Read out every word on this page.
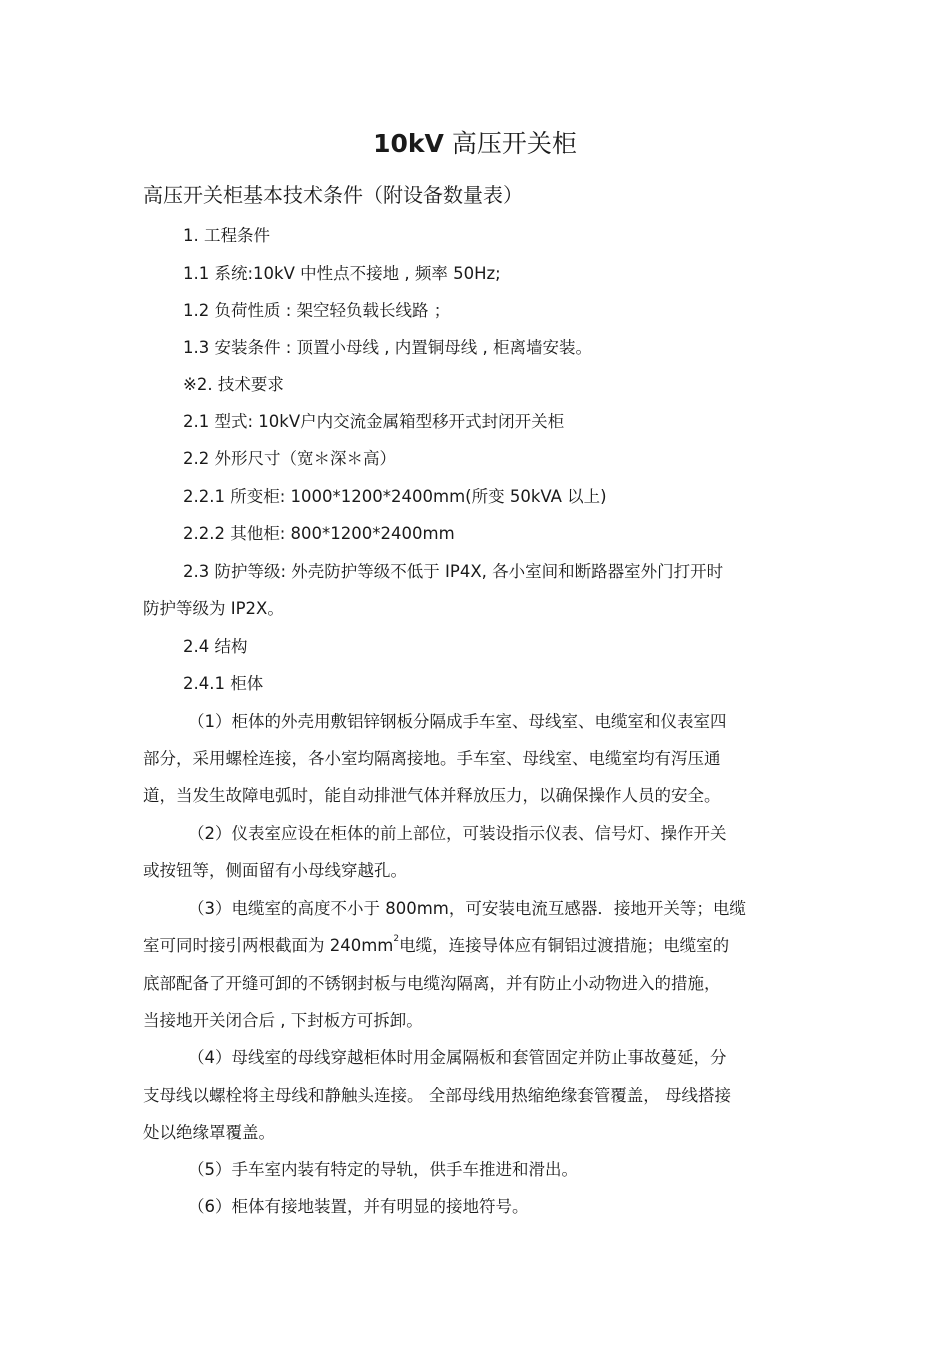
10kV 高压开关柜
高压开关柜基本技术条件（附设备数量表）
1. 工程条件
1.1 系统:10kV 中性点不接地 , 频率 50Hz;
1.2 负荷性质 : 架空轻负载长线路 ；
1.3 安装条件 : 顶置小母线 , 内置铜母线 , 柜离墙安装。
※2. 技术要求
2.1 型式: 10kV户内交流金属箱型移开式封闭开关柜
2.2 外形尺寸（宽＊深＊高）
2.2.1 所变柜: 1000*1200*2400mm(所变 50kVA 以上)
2.2.2 其他柜: 800*1200*2400mm
2.3 防护等级: 外壳防护等级不低于 IP4X, 各小室间和断路器室外门打开时
防护等级为 IP2X。
2.4 结构
2.4.1 柜体
（1）柜体的外壳用敷铝锌钢板分隔成手车室、母线室、电缆室和仪表室四
部分，采用螺栓连接，各小室均隔离接地。手车室、母线室、电缆室均有泻压通
道，当发生故障电弧时，能自动排泄气体并释放压力，以确保操作人员的安全。
（2）仪表室应设在柜体的前上部位，可装设指示仪表、信号灯、操作开关
或按钮等，侧面留有小母线穿越孔。
（3）电缆室的高度不小于 800mm，可安装电流互感器．接地开关等；电缆
室可同时接引两根截面为 $240mm^2$电缆，连接导体应有铜铝过渡措施；电缆室的
底部配备了开缝可卸的不锈钢封板与电缆沟隔离，并有防止小动物进入的措施，
当接地开关闭合后 , 下封板方可拆卸。
（4）母线室的母线穿越柜体时用金属隔板和套管固定并防止事故蔓延，分
支母线以螺栓将主母线和静触头连接。 全部母线用热缩绝缘套管覆盖， 母线搭接
处以绝缘罩覆盖。
（5）手车室内装有特定的导轨，供手车推进和滑出。
（6）柜体有接地装置，并有明显的接地符号。
